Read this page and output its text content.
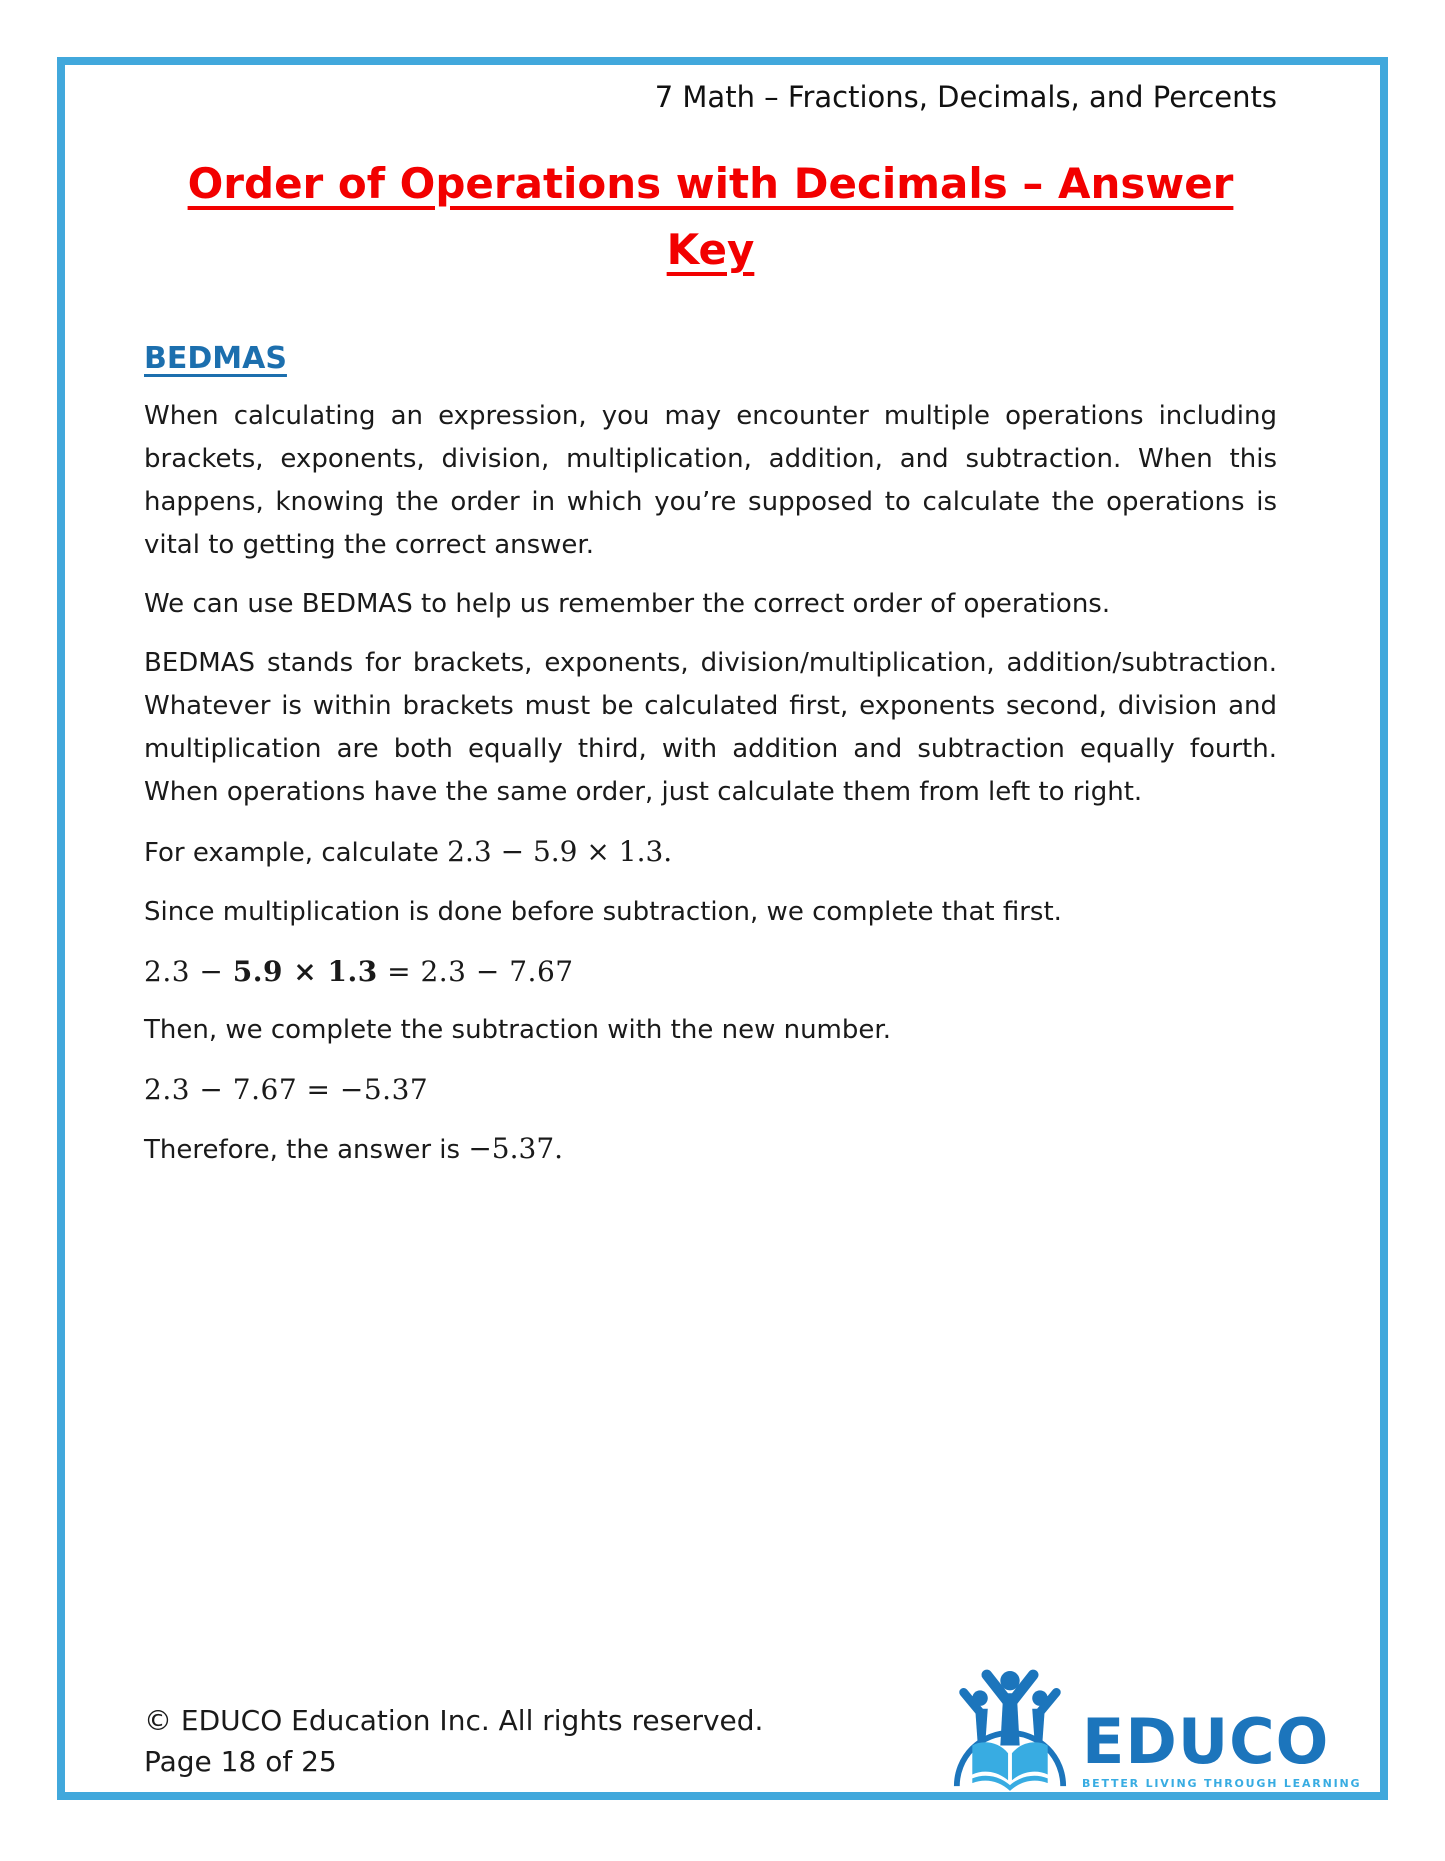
7 Math – Fractions, Decimals, and Percents
Order of Operations with Decimals – Answer
Key
BEDMAS

When calculating an expression, you may encounter multiple operations including brackets, exponents, division, multiplication, addition, and subtraction. When this happens, knowing the order in which you’re supposed to calculate the operations is vital to getting the correct answer.

We can use BEDMAS to help us remember the correct order of operations.

BEDMAS stands for brackets, exponents, division/multiplication, addition/subtraction. Whatever is within brackets must be calculated first, exponents second, division and multiplication are both equally third, with addition and subtraction equally fourth. When operations have the same order, just calculate them from left to right.

For example, calculate 2.3 − 5.9 × 1.3.

Since multiplication is done before subtraction, we complete that first.

2.3 − 5.9 × 1.3 = 2.3 − 7.67

Then, we complete the subtraction with the new number.

2.3 − 7.67 = −5.37

Therefore, the answer is −5.37.

© EDUCO Education Inc. All rights reserved.
Page 18 of 25	EDUCO
BETTER LIVING THROUGH LEARNING
